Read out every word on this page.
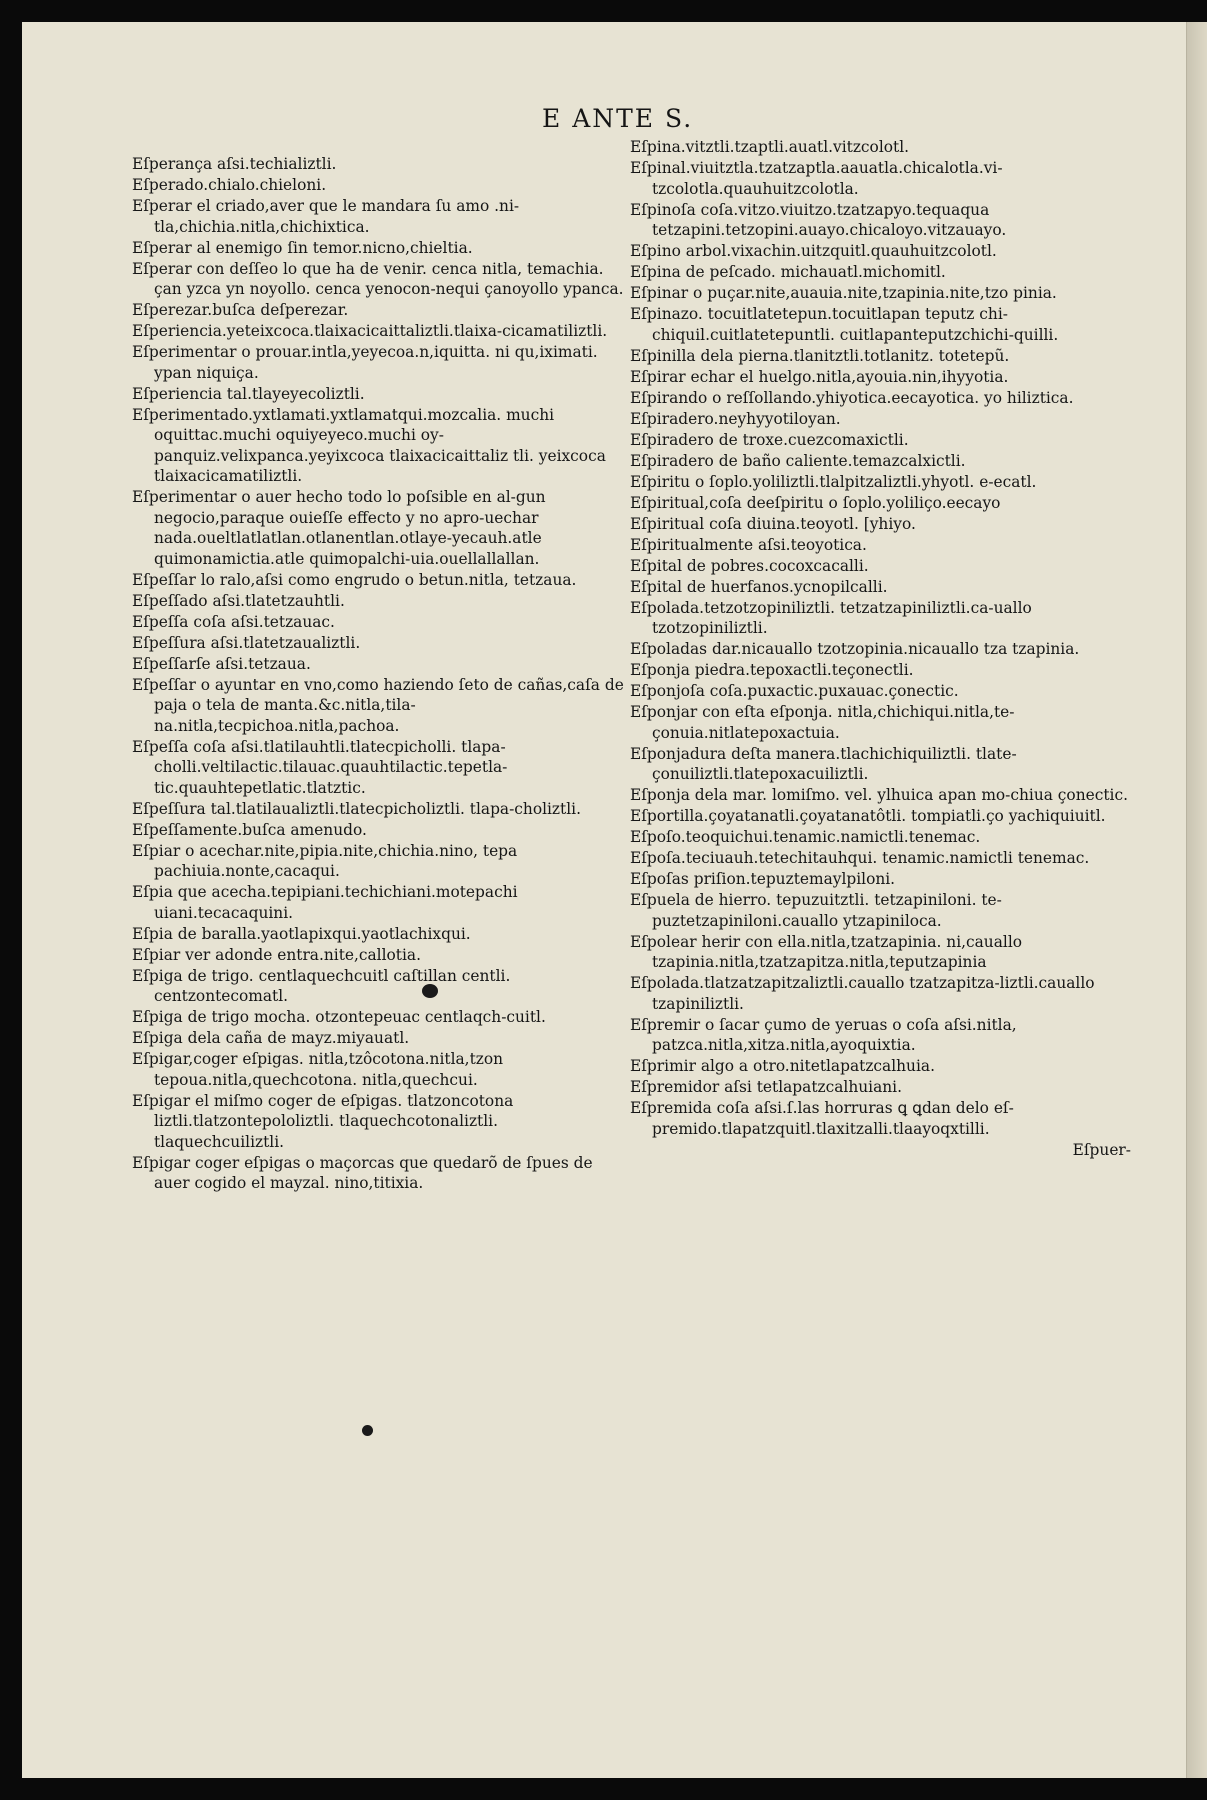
E ANTE S.
Eſperança aſsi.techializtli.
Eſperado.chialo.chieloni.
Eſperar el criado,aver que le mandara ſu amo .ni-tla,chichia.nitla,chichixtica.
Eſperar al enemigo ſin temor.nicno,chieltia.
Eſperar con deſſeo lo que ha de venir. cenca nitla, temachia. çan yzca yn noyollo. cenca yenocon-nequi çanoyollo ypanca.
Eſperezar.buſca deſperezar.
Eſperiencia.yeteixcoca.tlaixacicaittaliztli.tlaixa-cicamatiliztli.
Eſperimentar o prouar.intla,yeyecoa.n,iquitta. ni qu,iximati. ypan niquiça.
Eſperiencia tal.tlayeyecoliztli.
Eſperimentado.yxtlamati.yxtlamatqui.mozcalia. muchi oquittac.muchi oquiyeyeco.muchi oy-panquiz.velixpanca.yeyixcoca tlaixacicaittaliz tli. yeixcoca tlaixacicamatiliztli.
Eſperimentar o auer hecho todo lo poſsible en al-gun negocio,paraque ouieſſe effecto y no apro-uechar nada.oueltlatlatlan.otlanentlan.otlaye-yecauh.atle quimonamictia.atle quimopalchi-uia.ouellallallan.
Eſpeſſar lo ralo,aſsi como engrudo o betun.nitla, tetzaua.
Eſpeſſado aſsi.tlatetzauhtli.
Eſpeſſa coſa aſsi.tetzauac.
Eſpeſſura aſsi.tlatetzaualiztli.
Eſpeſſarſe aſsi.tetzaua.
Eſpeſſar o ayuntar en vno,como haziendo ſeto de cañas,caſa de paja o tela de manta.&c.nitla,tila-na.nitla,tecpichoa.nitla,pachoa.
Eſpeſſa coſa aſsi.tlatilauhtli.tlatecpicholli. tlapa-cholli.veltilactic.tilauac.quauhtilactic.tepetla-tic.quauhtepetlatic.tlatztic.
Eſpeſſura tal.tlatilaualiztli.tlatecpicholiztli. tlapa-choliztli.
Eſpeſſamente.buſca amenudo.
Eſpiar o acechar.nite,pipia.nite,chichia.nino, tepa pachiuia.nonte,cacaqui.
Eſpia que acecha.tepipiani.techichiani.motepachi uiani.tecacaquini.
Eſpia de baralla.yaotlapixqui.yaotlachixqui.
Eſpiar ver adonde entra.nite,callotia.
Eſpiga de trigo. centlaquechcuitl caſtillan centli. centzontecomatl.
Eſpiga de trigo mocha. otzontepeuac centlaqch-cuitl.
Eſpiga dela caña de mayz.miyauatl.
Eſpigar,coger eſpigas. nitla,tzôcotona.nitla,tzon tepoua.nitla,quechcotona. nitla,quechcui.
Eſpigar el miſmo coger de eſpigas. tlatzoncotona liztli.tlatzontepololiztli. tlaquechcotonaliztli. tlaquechcuiliztli.
Eſpigar coger eſpigas o maçorcas que quedarõ de ſpues de auer cogido el mayzal. nino,titixia.
Eſpina.vitztli.tzaptli.auatl.vitzcolotl.
Eſpinal.viuitztla.tzatzaptla.aauatla.chicalotla.vi-tzcolotla.quauhuitzcolotla.
Eſpinoſa coſa.vitzo.viuitzo.tzatzapyo.tequaqua tetzapini.tetzopini.auayo.chicaloyo.vitzauayo.
Eſpino arbol.vixachin.uitzquitl.quauhuitzcolotl.
Eſpina de peſcado. michauatl.michomitl.
Eſpinar o puçar.nite,auauia.nite,tzapinia.nite,tzo pinia.
Eſpinazo. tocuitlatetepun.tocuitlapan teputz chi-chiquil.cuitlatetepuntli. cuitlapanteputzchichi-quilli.
Eſpinilla dela pierna.tlanitztli.totlanitz. totetepũ.
Eſpirar echar el huelgo.nitla,ayouia.nin,ihyyotia.
Eſpirando o reſſollando.yhiyotica.eecayotica. yo hiliztica.
Eſpiradero.neyhyyotiloyan.
Eſpiradero de troxe.cuezcomaxictli.
Eſpiradero de baño caliente.temazcalxictli.
Eſpiritu o ſoplo.yoliliztli.tlalpitzaliztli.yhyotl. e-ecatl.
Eſpiritual,coſa deeſpiritu o ſoplo.yoliliço.eecayo
Eſpiritual coſa diuina.teoyotl. [yhiyo.
Eſpiritualmente aſsi.teoyotica.
Eſpital de pobres.cocoxcacalli.
Eſpital de huerfanos.ycnopilcalli.
Eſpolada.tetzotzopiniliztli. tetzatzapiniliztli.ca-uallo tzotzopiniliztli.
Eſpoladas dar.nicauallo tzotzopinia.nicauallo tza tzapinia.
Eſponja piedra.tepoxactli.teçonectli.
Eſponjoſa coſa.puxactic.puxauac.çonectic.
Eſponjar con eſta eſponja. nitla,chichiqui.nitla,te-çonuia.nitlatepoxactuia.
Eſponjadura deſta manera.tlachichiquiliztli. tlate-çonuiliztli.tlatepoxacuiliztli.
Eſponja dela mar. lomiſmo. vel. ylhuica apan mo-chiua çonectic.
Eſportilla.çoyatanatli.çoyatanatôtli. tompiatli.ço yachiquiuitl.
Eſpoſo.teoquichui.tenamic.namictli.tenemac.
Eſpoſa.teciuauh.tetechitauhqui. tenamic.namictli tenemac.
Eſpoſas priſion.tepuztemaylpiloni.
Eſpuela de hierro. tepuzuitztli. tetzapiniloni. te-puztetzapiniloni.cauallo ytzapiniloca.
Eſpolear herir con ella.nitla,tzatzapinia. ni,cauallo tzapinia.nitla,tzatzapitza.nitla,teputzapinia
Eſpolada.tlatzatzapitzaliztli.cauallo tzatzapitza-liztli.cauallo tzapiniliztli.
Eſpremir o ſacar çumo de yeruas o coſa aſsi.nitla, patzca.nitla,xitza.nitla,ayoquixtia.
Eſprimir algo a otro.nitetlapatzcalhuia.
Eſpremidor aſsi tetlapatzcalhuiani.
Eſpremida coſa aſsi.ſ.las horruras ꝗ ꝗdan delo eſ-premido.tlapatzquitl.tlaxitzalli.tlaayoqxtilli.
Eſpuer-
